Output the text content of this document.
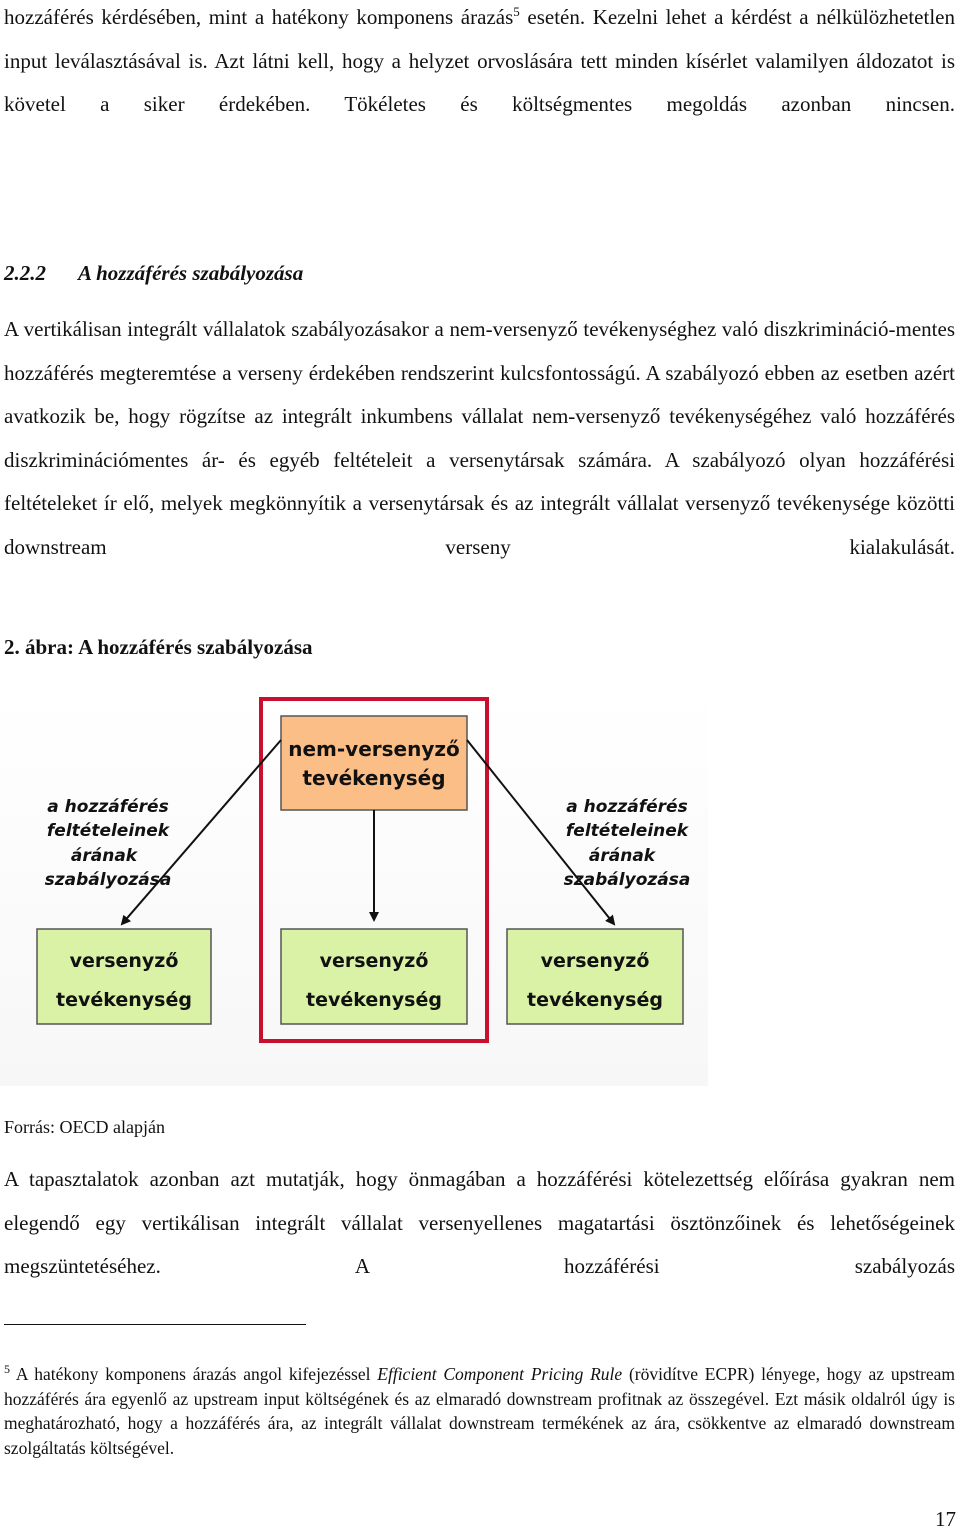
hozzáférés kérdésében, mint a hatékony komponens árazás$^5$ esetén. Kezelni lehet a kérdést a nélkülözhetetlen input leválasztásával is. Azt látni kell, hogy a helyzet orvoslására tett minden kísérlet valamilyen áldozatot is követel a siker érdekében. Tökéletes és költségmentes megoldás azonban nincsen.

2.2.2 A hozzáférés szabályozása

A vertikálisan integrált vállalatok szabályozásakor a nem-versenyző tevékenységhez való diszkrimináció-mentes hozzáférés megteremtése a verseny érdekében rendszerint kulcsfontosságú. A szabályozó ebben az esetben azért avatkozik be, hogy rögzítse az integrált inkumbens vállalat nem-versenyző tevékenységéhez való hozzáférés diszkriminációmentes ár- és egyéb feltételeit a versenytársak számára. A szabályozó olyan hozzáférési feltételeket ír elő, melyek megkönnyítik a versenytársak és az integrált vállalat versenyző tevékenysége közötti downstream verseny kialakulását.

2. ábra: A hozzáférés szabályozása

nem-versenyző
tevékenység
a hozzáférés
feltételeinek
árának
szabályozása
a hozzáférés
feltételeinek
árának
szabályozása
versenyző
tevékenység
versenyző
tevékenység
versenyző
tevékenység

Forrás: OECD alapján

A tapasztalatok azonban azt mutatják, hogy önmagában a hozzáférési kötelezettség előírása gyakran nem elegendő egy vertikálisan integrált vállalat versenyellenes magatartási ösztönzőinek és lehetőségeinek megszüntetéséhez. A hozzáférési szabályozás

$^5$ A hatékony komponens árazás angol kifejezéssel Efficient Component Pricing Rule (rövidítve ECPR) lényege, hogy az upstream hozzáférés ára egyenlő az upstream input költségének és az elmaradó downstream profitnak az összegével. Ezt másik oldalról úgy is meghatározható, hogy a hozzáférés ára, az integrált vállalat downstream termékének az ára, csökkentve az elmaradó downstream szolgáltatás költségével.

17
